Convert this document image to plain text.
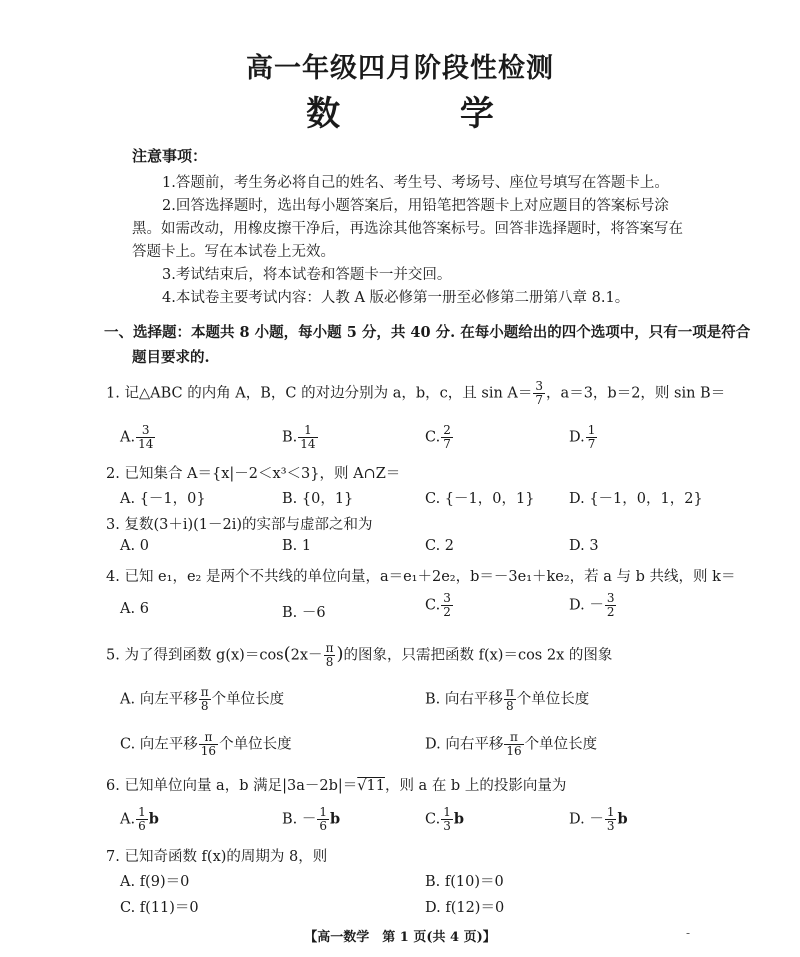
高一年级四月阶段性检测
数 学
注意事项：
1.答题前，考生务必将自己的姓名、考生号、考场号、座位号填写在答题卡上。
2.回答选择题时，选出每小题答案后，用铅笔把答题卡上对应题目的答案标号涂
黑。如需改动，用橡皮擦干净后，再选涂其他答案标号。回答非选择题时，将答案写在
答题卡上。写在本试卷上无效。
3.考试结束后，将本试卷和答题卡一并交回。
4.本试卷主要考试内容：人教 A 版必修第一册至必修第二册第八章 8.1。
一、选择题：本题共 8 小题，每小题 5 分，共 40 分. 在每小题给出的四个选项中，只有一项是符合
题目要求的.
1. 记△ABC 的内角 A，B，C 的对边分别为 a，b，c，且 $\sin A= \frac{3}{7}$ ，a＝3，b＝2，则 sin B＝
A. $\frac{3}{14}$	B. $\frac{1}{14}$	C. $\frac{2}{7}$	D. $\frac{1}{7}$
2. 已知集合 A＝{x|－2＜x³＜3}，则 A∩Z＝
A. {－1，0}	B. {0，1}	C. {－1，0，1} D. {－1，0，1，2}
3. 复数(3＋i)(1－2i)的实部与虚部之和为
A. 0	B. 1	C. 2	D. 3
4. 已知 e₁，e₂ 是两个不共线的单位向量，a＝e₁＋2e₂，b＝－3e₁＋ke₂，若 a 与 b 共线，则 k＝
A. 6	B. －6	C. $\frac{3}{2}$	D. － $\frac{3}{2}$
5. 为了得到函数 $g(x)=\cos(2x- \frac{\pi}{8}$ )的图象，只需把函数 f(x)＝cos 2x 的图象
A. 向左平移 $\frac{\pi}{8}$ 个单位长度	B. 向右平移 $\frac{\pi}{8}$ 个单位长度
C. 向左平移 $\frac{\pi}{16}$ 个单位长度	D. 向右平移 $\frac{\pi}{16}$ 个单位长度
6. 已知单位向量 a，b 满足|3a－2b|＝√11，则 a 在 b 上的投影向量为
A. $\frac{1}{6}$ b	B. － $\frac{1}{6}$ b	C. $\frac{1}{3}$ b	D. － $\frac{1}{3}$ b
7. 已知奇函数 f(x)的周期为 8，则
A. f(9)＝0	B. f(10)＝0
C. f(11)＝0	D. f(12)＝0
【高一数学　第 1 页(共 4 页)】	-
